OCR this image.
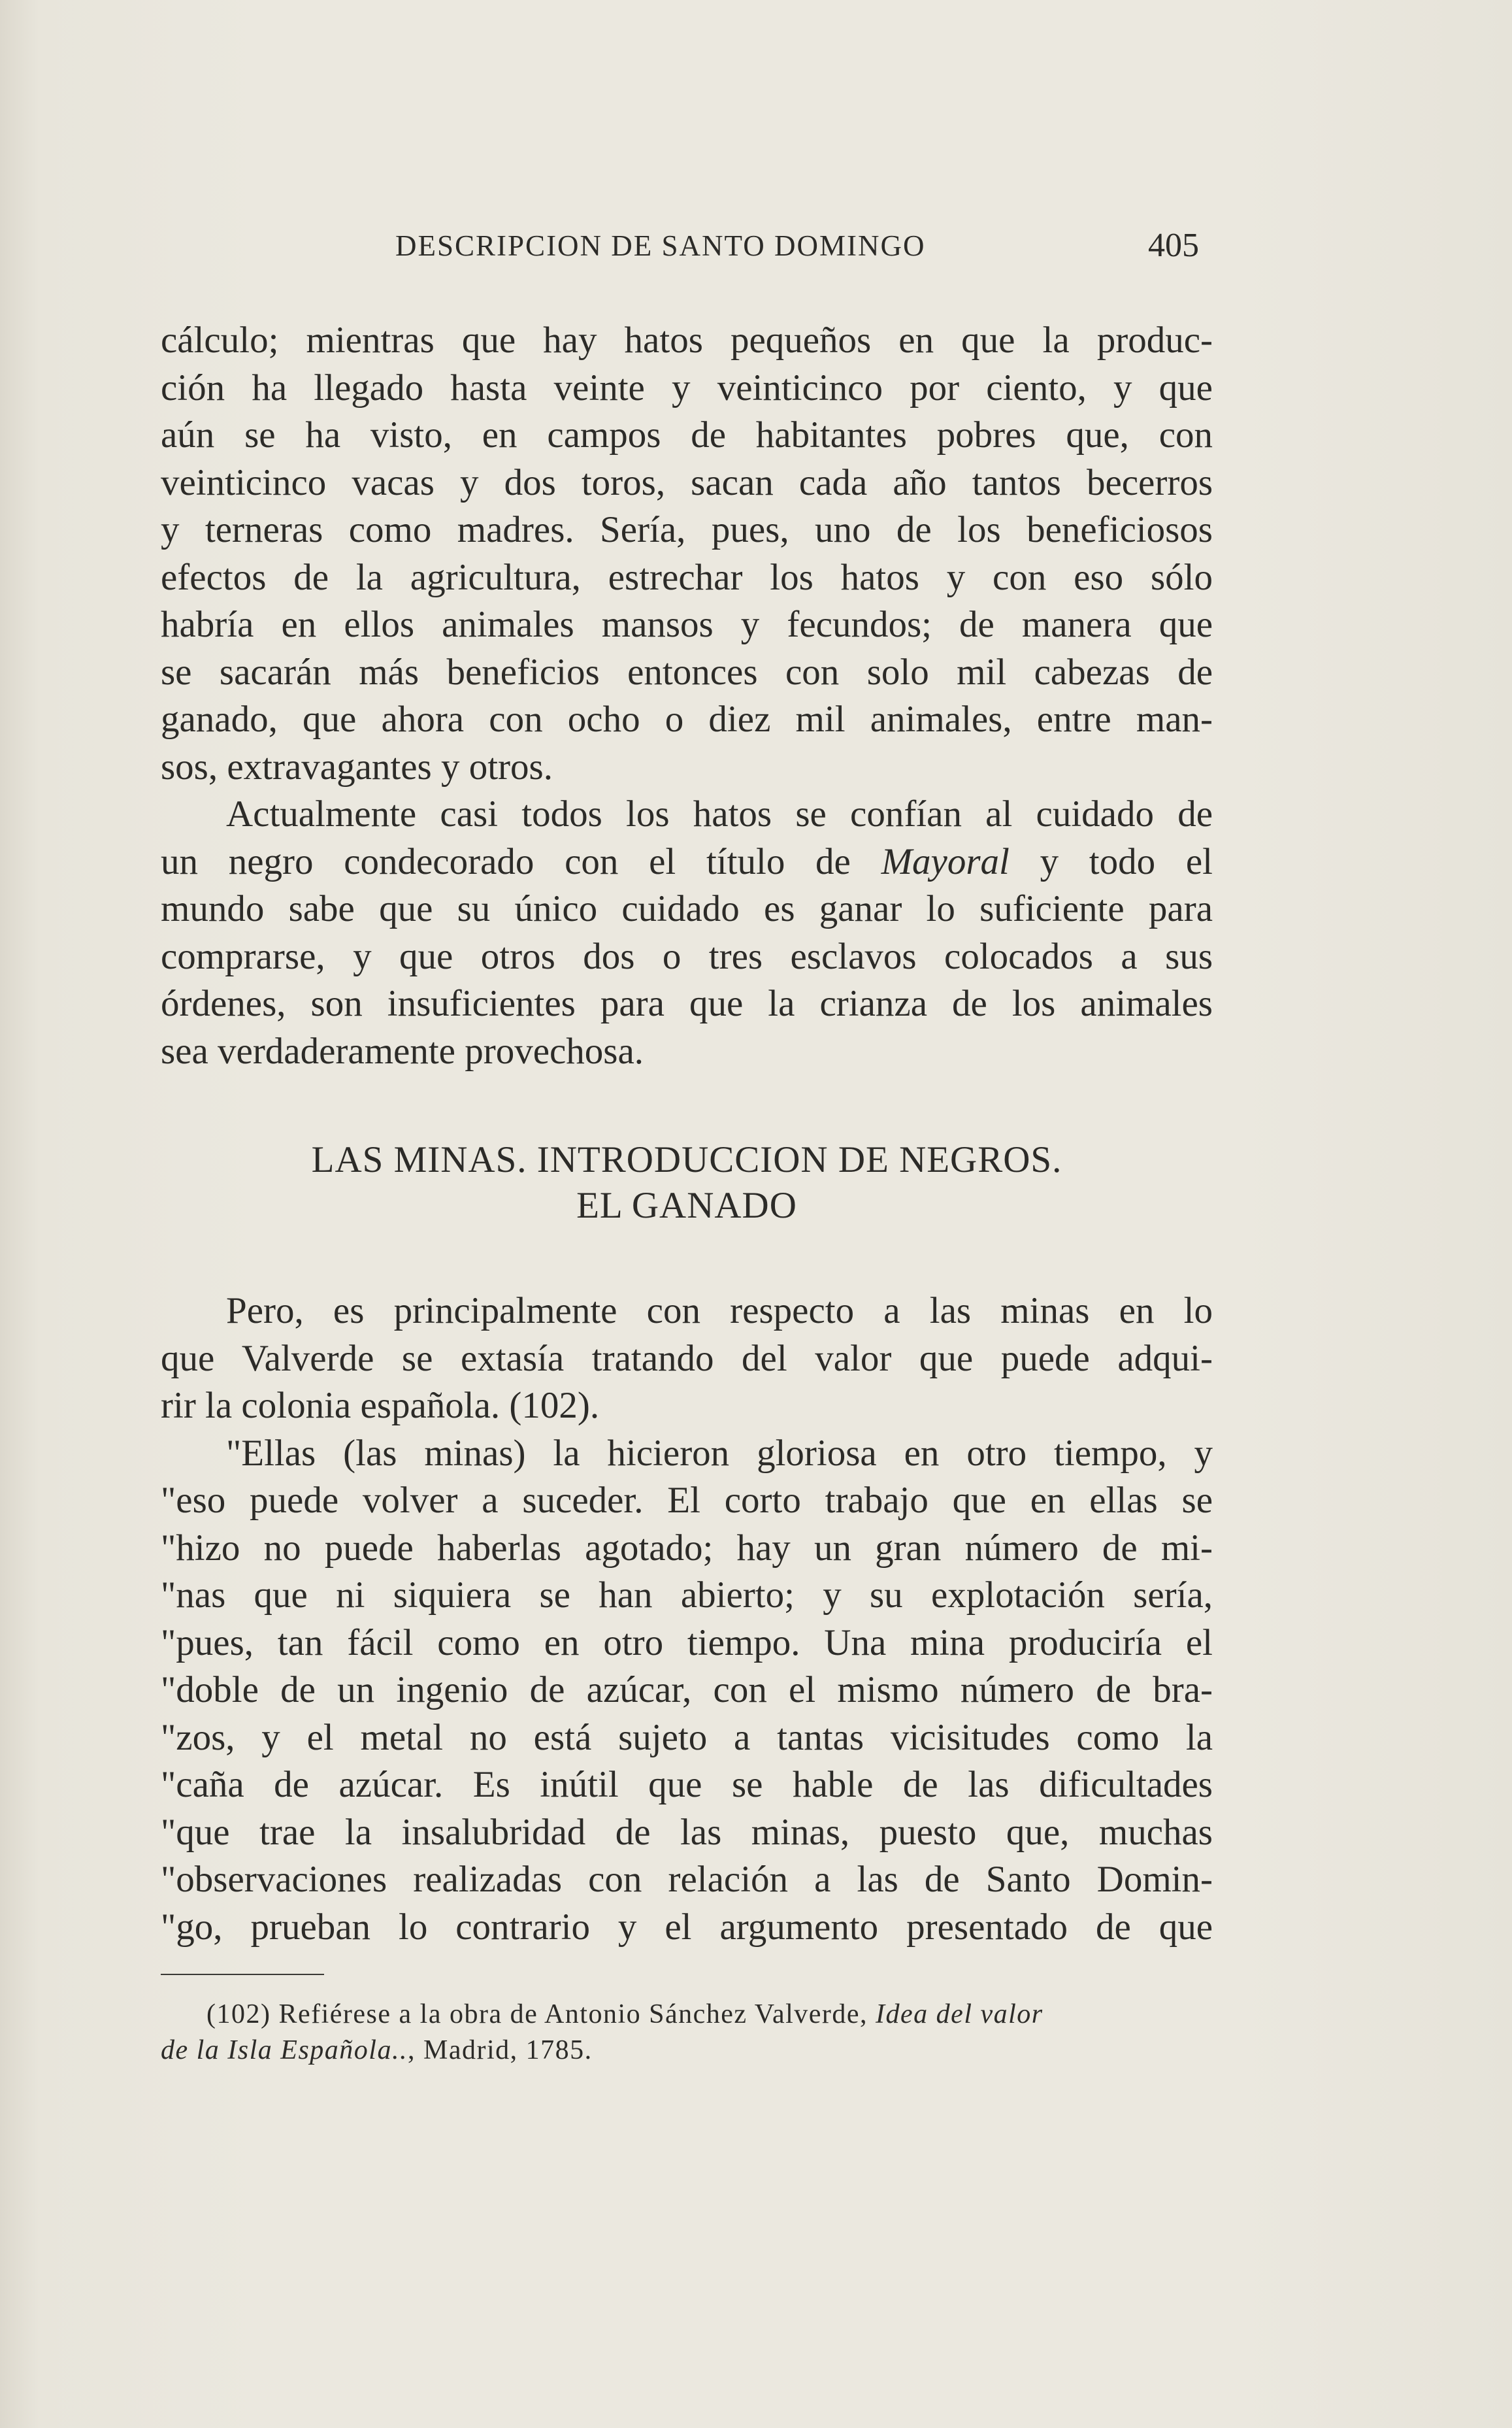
DESCRIPCION DE SANTO DOMINGO	405
cálculo; mientras que hay hatos pequeños en que la produc-
ción ha llegado hasta veinte y veinticinco por ciento, y que
aún se ha visto, en campos de habitantes pobres que, con
veinticinco vacas y dos toros, sacan cada año tantos becerros
y terneras como madres. Sería, pues, uno de los beneficiosos
efectos de la agricultura, estrechar los hatos y con eso sólo
habría en ellos animales mansos y fecundos; de manera que
se sacarán más beneficios entonces con solo mil cabezas de
ganado, que ahora con ocho o diez mil animales, entre man-
sos, extravagantes y otros.
Actualmente casi todos los hatos se confían al cuidado de
un negro condecorado con el título de Mayoral y todo el
mundo sabe que su único cuidado es ganar lo suficiente para
comprarse, y que otros dos o tres esclavos colocados a sus
órdenes, son insuficientes para que la crianza de los animales
sea verdaderamente provechosa.
LAS MINAS. INTRODUCCION DE NEGROS.
EL GANADO
Pero, es principalmente con respecto a las minas en lo
que Valverde se extasía tratando del valor que puede adqui-
rir la colonia española. (102).
"Ellas (las minas) la hicieron gloriosa en otro tiempo, y
"eso puede volver a suceder. El corto trabajo que en ellas se
"hizo no puede haberlas agotado; hay un gran número de mi-
"nas que ni siquiera se han abierto; y su explotación sería,
"pues, tan fácil como en otro tiempo. Una mina produciría el
"doble de un ingenio de azúcar, con el mismo número de bra-
"zos, y el metal no está sujeto a tantas vicisitudes como la
"caña de azúcar. Es inútil que se hable de las dificultades
"que trae la insalubridad de las minas, puesto que, muchas
"observaciones realizadas con relación a las de Santo Domin-
"go, prueban lo contrario y el argumento presentado de que
(102) Refiérese a la obra de Antonio Sánchez Valverde, Idea del valor
de la Isla Española.., Madrid, 1785.
